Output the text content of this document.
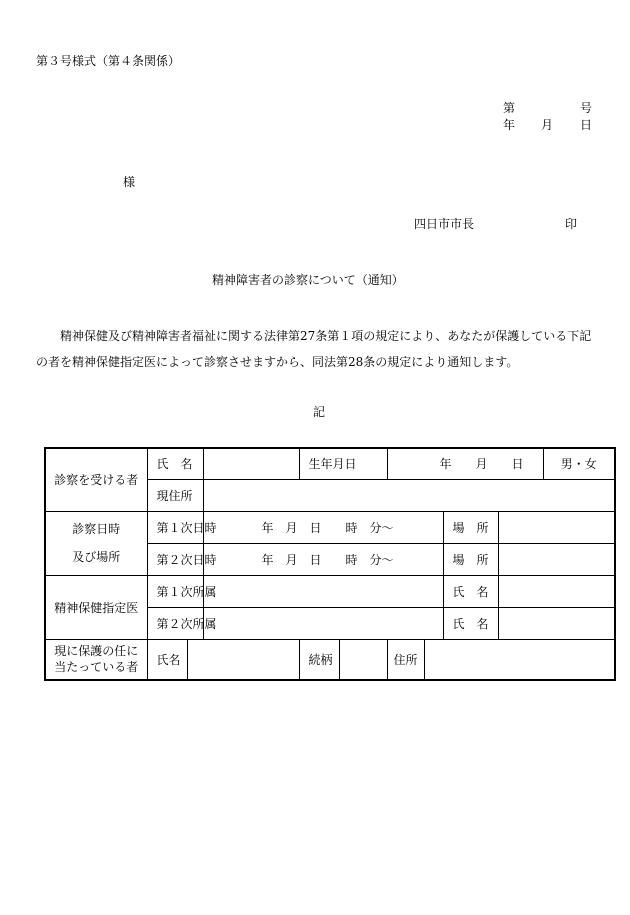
第３号様式（第４条関係）
第	号
年 月 日
様
四日市市長	印
精神障害者の診察について（通知）
精神保健及び精神障害者福祉に関する法律第27条第１項の規定により、あなたが保護している下記の者を精神保健指定医によって診察させますから、同法第28条の規定により通知します。
記
診察を受ける者	氏　名			生年月日		年　　月　　日				男・女
	現住所									

診察日時
及び場所	第１次日時		年　月　日　　時　分〜					場　所		
	第２次日時		年　月　日　　時　分〜					場　所		
精神保健指定医	第１次所属							氏　名		
	第２次所属							氏　名		

現に保護の任に
当たっている者	氏名			続柄		住所				
